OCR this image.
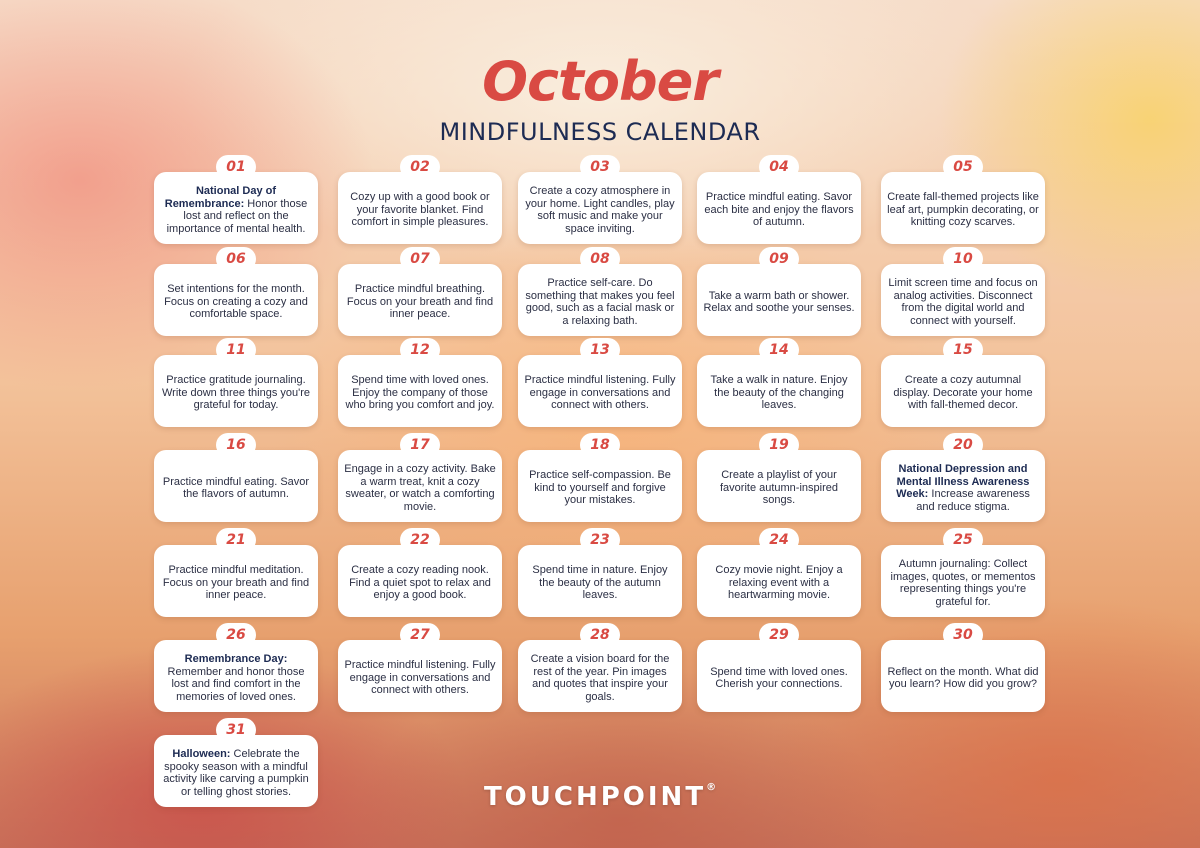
October
MINDFULNESS CALENDAR
National Day of Remembrance: Honor those lost and reflect on the importance of mental health.
01
Cozy up with a good book or your favorite blanket. Find comfort in simple pleasures.
02
Create a cozy atmosphere in your home. Light candles, play soft music and make your space inviting.
03
Practice mindful eating. Savor each bite and enjoy the flavors of autumn.
04
Create fall-themed projects like leaf art, pumpkin decorating, or knitting cozy scarves.
05
Set intentions for the month. Focus on creating a cozy and comfortable space.
06
Practice mindful breathing. Focus on your breath and find inner peace.
07
Practice self-care. Do something that makes you feel good, such as a facial mask or a relaxing bath.
08
Take a warm bath or shower. Relax and soothe your senses.
09
Limit screen time and focus on analog activities. Disconnect from the digital world and connect with yourself.
10
Practice gratitude journaling. Write down three things you're grateful for today.
11
Spend time with loved ones. Enjoy the company of those who bring you comfort and joy.
12
Practice mindful listening. Fully engage in conversations and connect with others.
13
Take a walk in nature. Enjoy the beauty of the changing leaves.
14
Create a cozy autumnal display. Decorate your home with fall-themed decor.
15
Practice mindful eating. Savor the flavors of autumn.
16
Engage in a cozy activity. Bake a warm treat, knit a cozy sweater, or watch a comforting movie.
17
Practice self-compassion. Be kind to yourself and forgive your mistakes.
18
Create a playlist of your favorite autumn-inspired songs.
19
National Depression and Mental Illness Awareness Week: Increase awareness and reduce stigma.
20
Practice mindful meditation. Focus on your breath and find inner peace.
21
Create a cozy reading nook. Find a quiet spot to relax and enjoy a good book.
22
Spend time in nature. Enjoy the beauty of the autumn leaves.
23
Cozy movie night. Enjoy a relaxing event with a heartwarming movie.
24
Autumn journaling: Collect images, quotes, or mementos representing things you're grateful for.
25
Remembrance Day: Remember and honor those lost and find comfort in the memories of loved ones.
26
Practice mindful listening. Fully engage in conversations and connect with others.
27
Create a vision board for the rest of the year. Pin images and quotes that inspire your goals.
28
Spend time with loved ones. Cherish your connections.
29
Reflect on the month. What did you learn? How did you grow?
30
Halloween: Celebrate the spooky season with a mindful activity like carving a pumpkin or telling ghost stories.
31
TOUCHPOINT®
